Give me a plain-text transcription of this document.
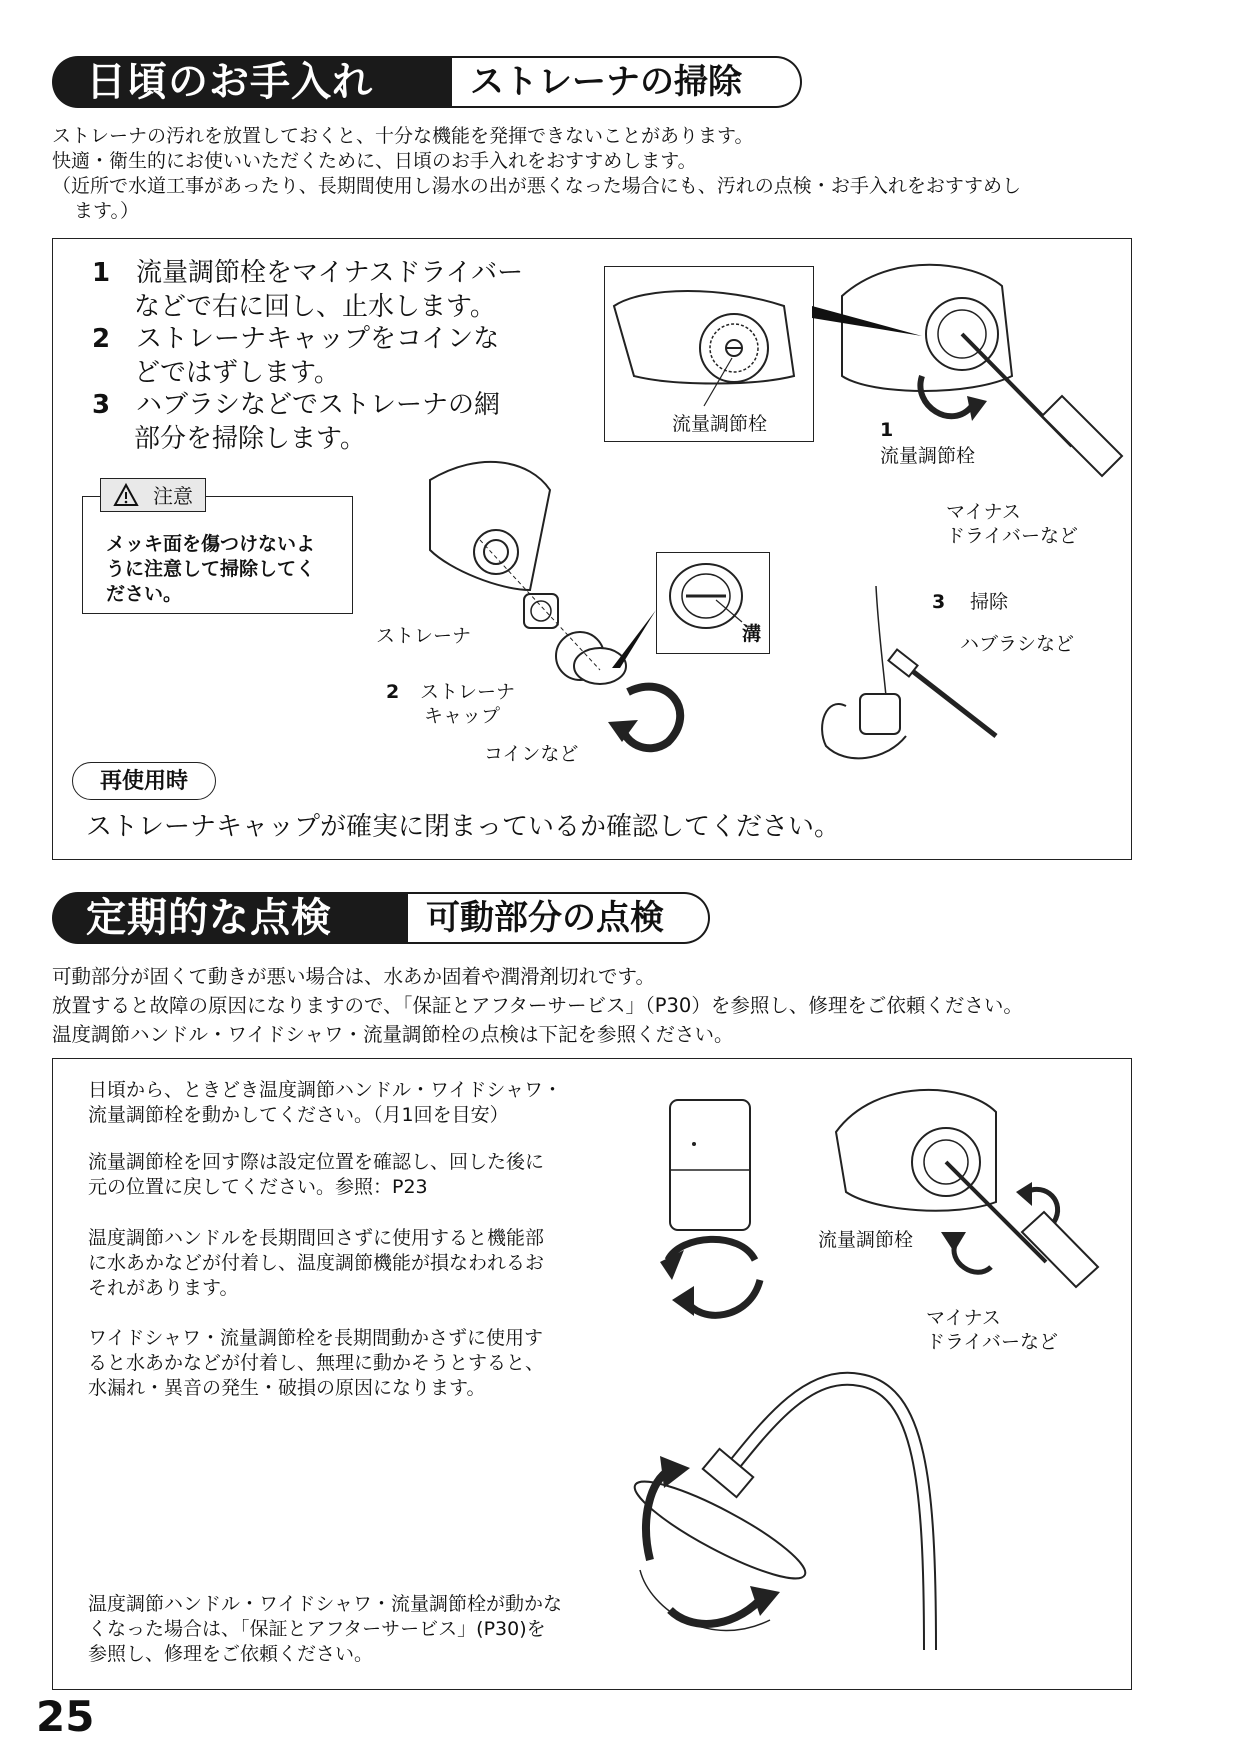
日頃のお手入れ	ストレーナの掃除
ストレーナの汚れを放置しておくと、十分な機能を発揮できないことがあります。
快適・衛生的にお使いいただくために、日頃のお手入れをおすすめします。
（近所で水道工事があったり、長期間使用し湯水の出が悪くなった場合にも、汚れの点検・お手入れをおすすめし
ます。）
1 流量調節栓をマイナスドライバー
などで右に回し、止水します。
2 ストレーナキャップをコインな
どではずします。
3 ハブラシなどでストレーナの網
部分を掃除します。
注意
メッキ面を傷つけないよ
うに注意して掃除してく
ださい。
流量調節栓	1
流量調節栓
マイナス
ドライバーなど
溝
ストレーナ
2 ストレーナ
キャップ
コインなど
3 掃除
ハブラシなど
再使用時
ストレーナキャップが確実に閉まっているか確認してください。
定期的な点検	可動部分の点検
可動部分が固くて動きが悪い場合は、水あか固着や潤滑剤切れです。
放置すると故障の原因になりますので、「保証とアフターサービス」（P30）を参照し、修理をご依頼ください。
温度調節ハンドル・ワイドシャワ・流量調節栓の点検は下記を参照ください。
日頃から、ときどき温度調節ハンドル・ワイドシャワ・
流量調節栓を動かしてください。（月1回を目安）
流量調節栓を回す際は設定位置を確認し、回した後に
元の位置に戻してください。参照：P23
温度調節ハンドルを長期間回さずに使用すると機能部
に水あかなどが付着し、温度調節機能が損なわれるお
それがあります。
ワイドシャワ・流量調節栓を長期間動かさずに使用す
ると水あかなどが付着し、無理に動かそうとすると、
水漏れ・異音の発生・破損の原因になります。
温度調節ハンドル・ワイドシャワ・流量調節栓が動かな
くなった場合は、「保証とアフターサービス」(P30)を
参照し、修理をご依頼ください。
流量調節栓
マイナス
ドライバーなど
25
